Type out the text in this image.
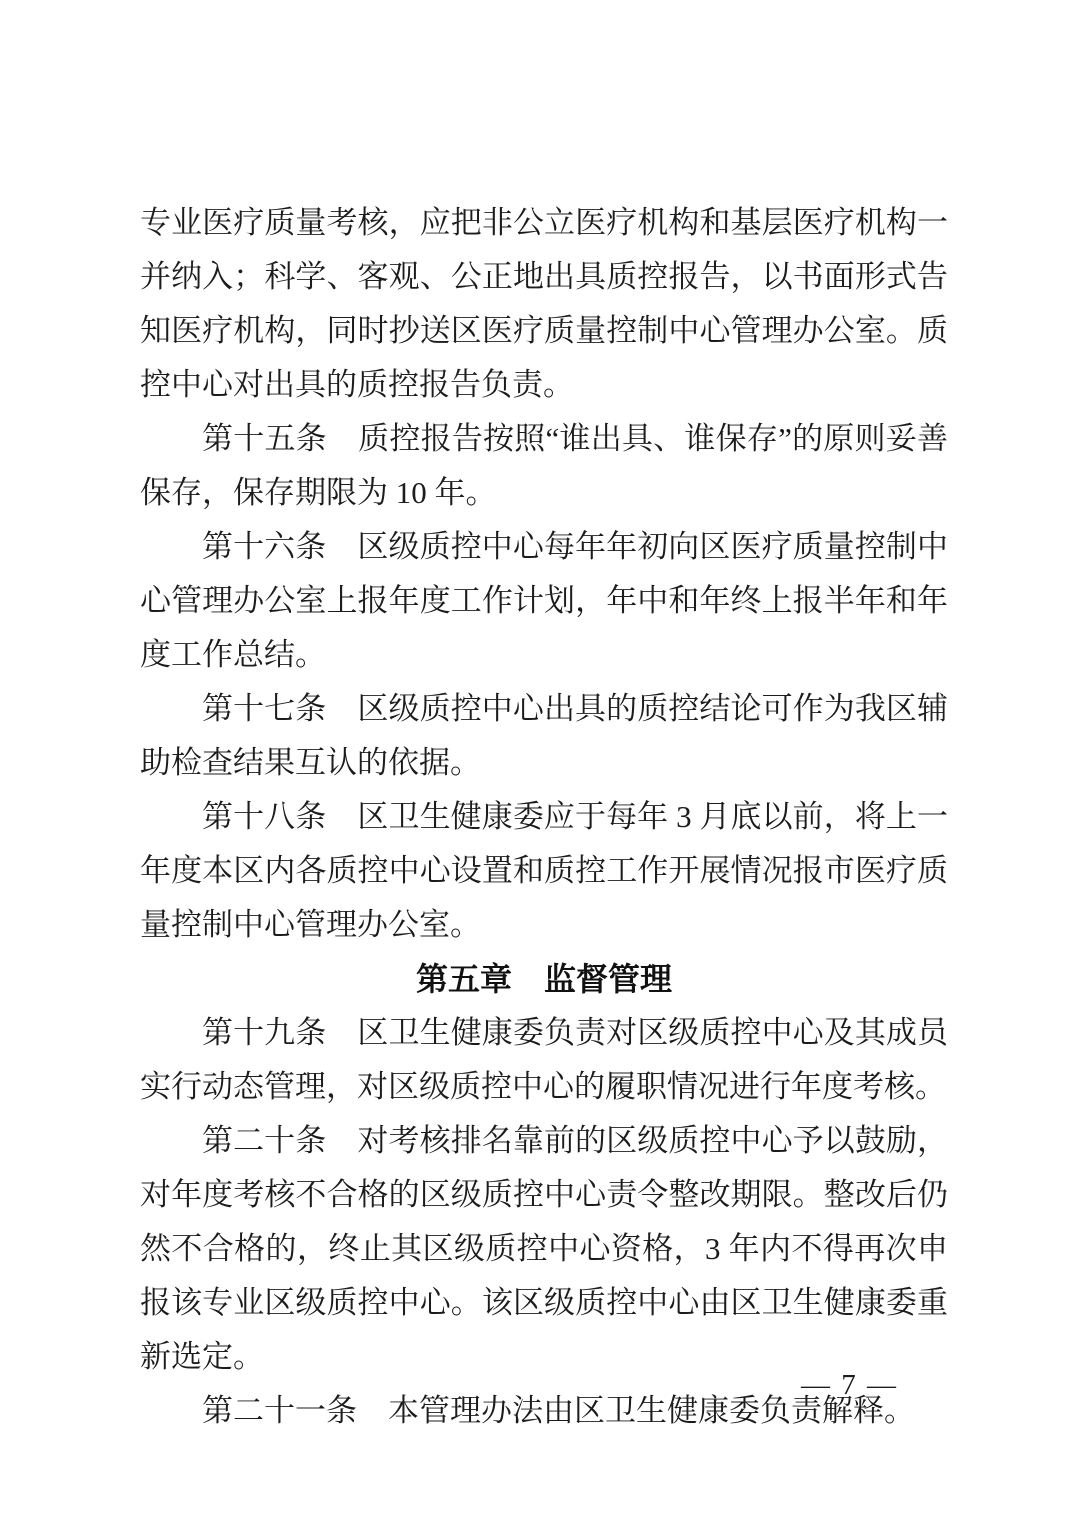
专业医疗质量考核，应把非公立医疗机构和基层医疗机构一并纳入；科学、客观、公正地出具质控报告，以书面形式告知医疗机构，同时抄送区医疗质量控制中心管理办公室。质控中心对出具的质控报告负责。

第十五条　质控报告按照“谁出具、谁保存”的原则妥善保存，保存期限为 10 年。

第十六条　区级质控中心每年年初向区医疗质量控制中心管理办公室上报年度工作计划，年中和年终上报半年和年度工作总结。

第十七条　区级质控中心出具的质控结论可作为我区辅助检查结果互认的依据。

第十八条　区卫生健康委应于每年 3 月底以前，将上一年度本区内各质控中心设置和质控工作开展情况报市医疗质量控制中心管理办公室。

第五章　监督管理

第十九条　区卫生健康委负责对区级质控中心及其成员实行动态管理，对区级质控中心的履职情况进行年度考核。

第二十条　对考核排名靠前的区级质控中心予以鼓励，对年度考核不合格的区级质控中心责令整改期限。整改后仍然不合格的，终止其区级质控中心资格，3 年内不得再次申报该专业区级质控中心。该区级质控中心由区卫生健康委重新选定。

第二十一条　本管理办法由区卫生健康委负责解释。

— 7 —
